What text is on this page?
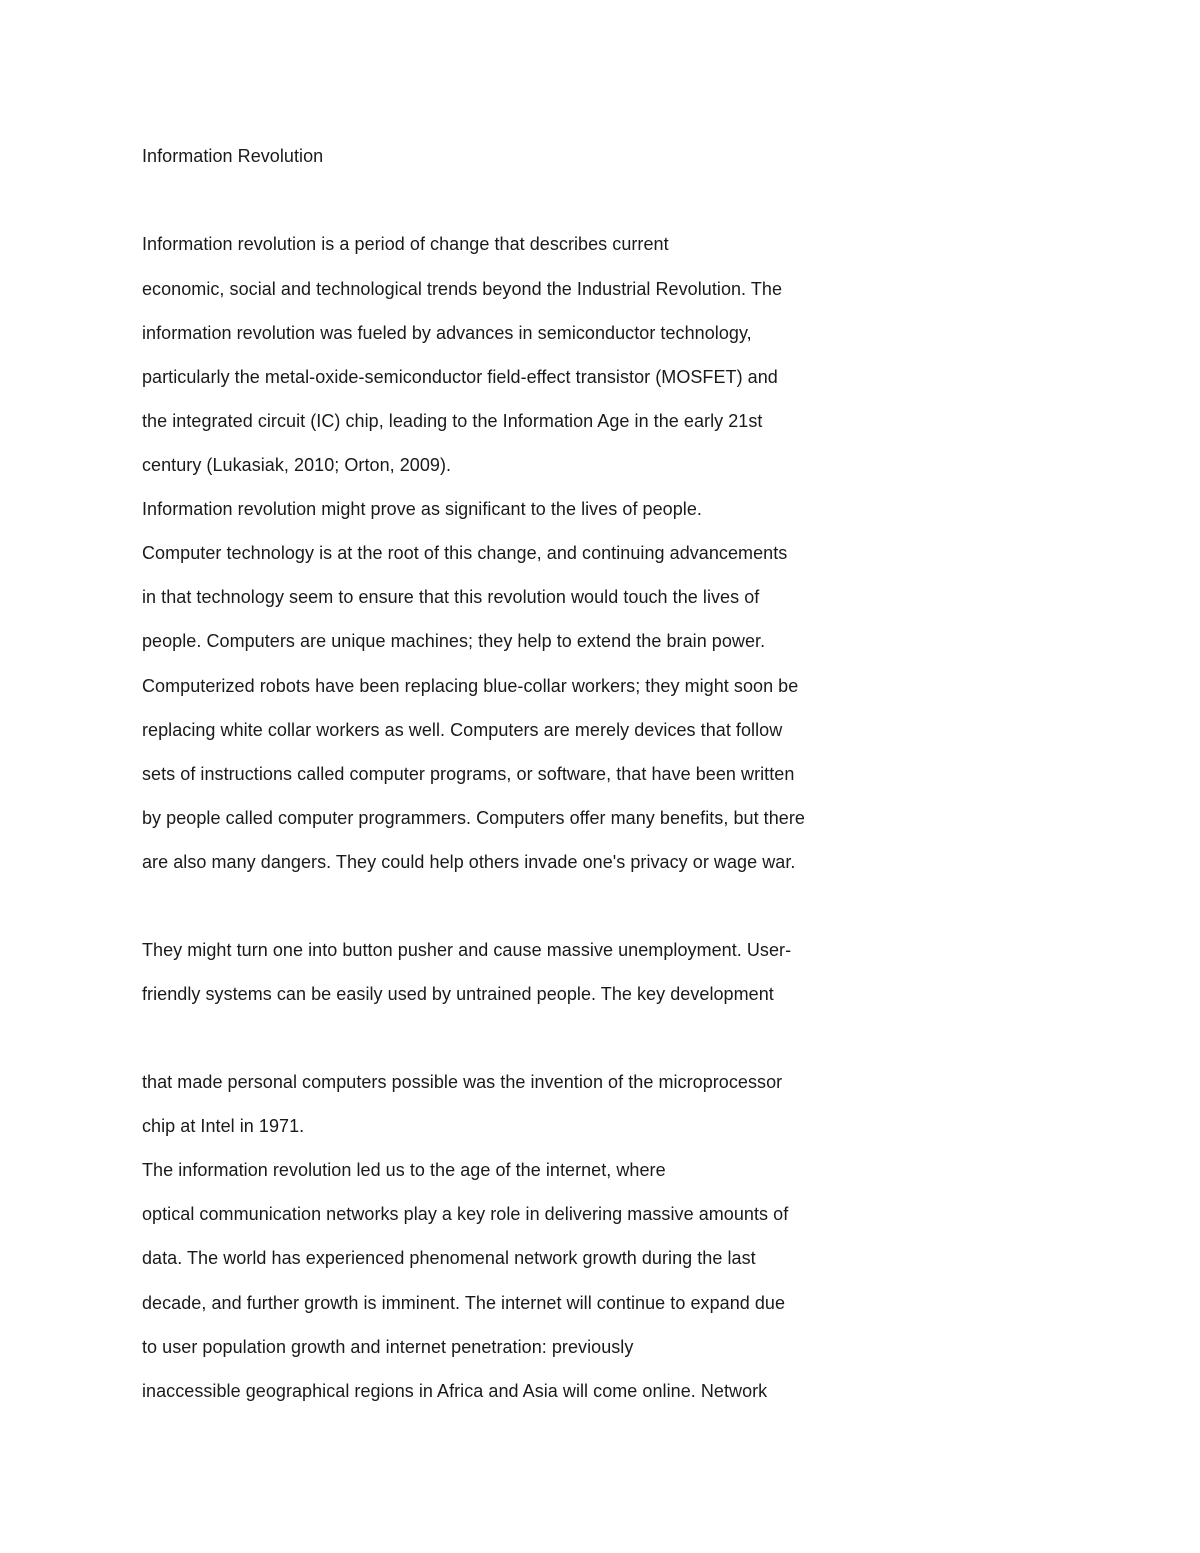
Information Revolution
Information revolution is a period of change that describes current
economic, social and technological trends beyond the Industrial Revolution. The
information revolution was fueled by advances in semiconductor technology,
particularly the metal-oxide-semiconductor field-effect transistor (MOSFET) and
the integrated circuit (IC) chip, leading to the Information Age in the early 21st
century (Lukasiak, 2010; Orton, 2009).
Information revolution might prove as significant to the lives of people.
Computer technology is at the root of this change, and continuing advancements
in that technology seem to ensure that this revolution would touch the lives of
people. Computers are unique machines; they help to extend the brain power.
Computerized robots have been replacing blue-collar workers; they might soon be
replacing white collar workers as well. Computers are merely devices that follow
sets of instructions called computer programs, or software, that have been written
by people called computer programmers. Computers offer many benefits, but there
are also many dangers. They could help others invade one's privacy or wage war.
They might turn one into button pusher and cause massive unemployment. User-
friendly systems can be easily used by untrained people. The key development
that made personal computers possible was the invention of the microprocessor
chip at Intel in 1971.
The information revolution led us to the age of the internet, where
optical communication networks play a key role in delivering massive amounts of
data. The world has experienced phenomenal network growth during the last
decade, and further growth is imminent. The internet will continue to expand due
to user population growth and internet penetration: previously
inaccessible geographical regions in Africa and Asia will come online. Network
